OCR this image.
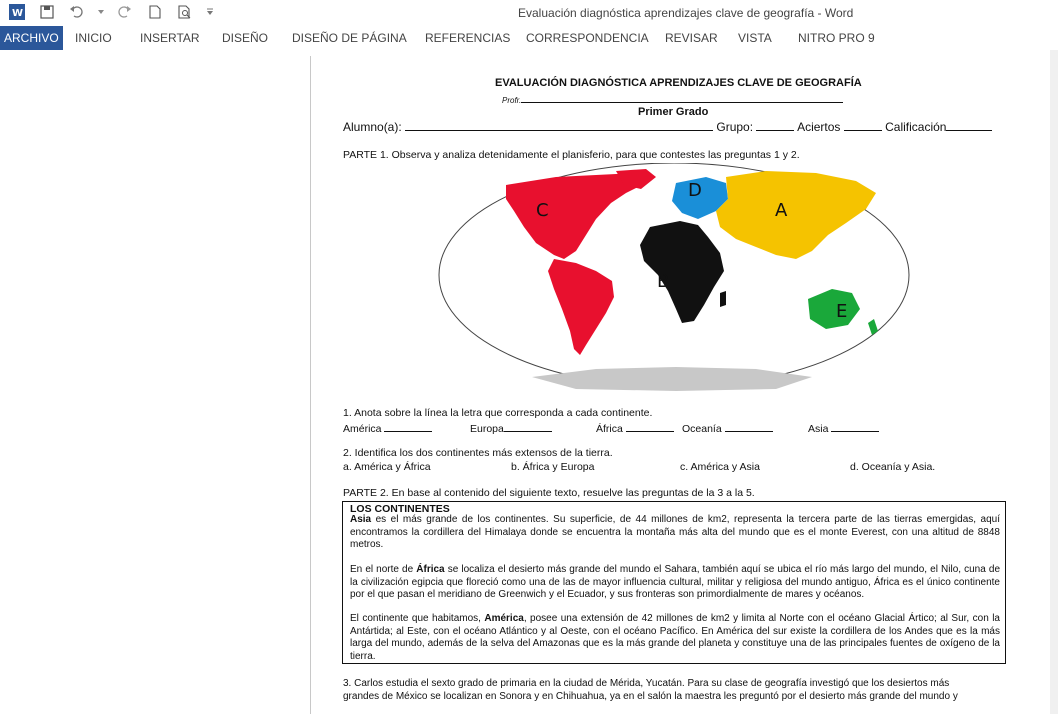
W	Evaluación diagnóstica aprendizajes clave de geografía - Word
ARCHIVO	INICIO INSERTAR DISEÑO DISEÑO DE PÁGINA REFERENCIAS CORRESPONDENCIA REVISAR VISTA NITRO PRO 9
EVALUACIÓN DIAGNÓSTICA APRENDIZAJES CLAVE DE GEOGRAFÍA
Profr.
Primer Grado
Alumno(a):	Grupo:	Aciertos	Calificación
PARTE 1. Observa y analiza detenidamente el planisferio, para que contestes las preguntas 1 y 2.
C
D
A
B
E
1. Anota sobre la línea la letra que corresponda a cada continente.
América	Europa	África	Oceanía	Asia
2. Identifica los dos continentes más extensos de la tierra.
a. América y África	b. África y Europa	c. América y Asia	d. Oceanía y Asia.
PARTE 2. En base al contenido del siguiente texto, resuelve las preguntas de la 3 a la 5.
LOS CONTINENTES
Asia es el más grande de los continentes. Su superficie, de 44 millones de km2, representa la tercera parte de las tierras emergidas, aquí encontramos la cordillera del Himalaya donde se encuentra la montaña más alta del mundo que es el monte Everest, con una altitud de 8848 metros.
En el norte de África se localiza el desierto más grande del mundo el Sahara, también aquí se ubica el río más largo del mundo, el Nilo, cuna de la civilización egipcia que floreció como una de las de mayor influencia cultural, militar y religiosa del mundo antiguo, África es el único continente por el que pasan el meridiano de Greenwich y el Ecuador, y sus fronteras son primordialmente de mares y océanos.
El continente que habitamos, América, posee una extensión de 42 millones de km2 y limita al Norte con el océano Glacial Ártico; al Sur, con la Antártida; al Este, con el océano Atlántico y al Oeste, con el océano Pacífico. En América del sur existe la cordillera de los Andes que es la más larga del mundo, además de la selva del Amazonas que es la más grande del planeta y constituye una de las principales fuentes de oxígeno de la tierra.
3. Carlos estudia el sexto grado de primaria en la ciudad de Mérida, Yucatán. Para su clase de geografía investigó que los desiertos más
grandes de México se localizan en Sonora y en Chihuahua, ya en el salón la maestra les preguntó por el desierto más grande del mundo y
